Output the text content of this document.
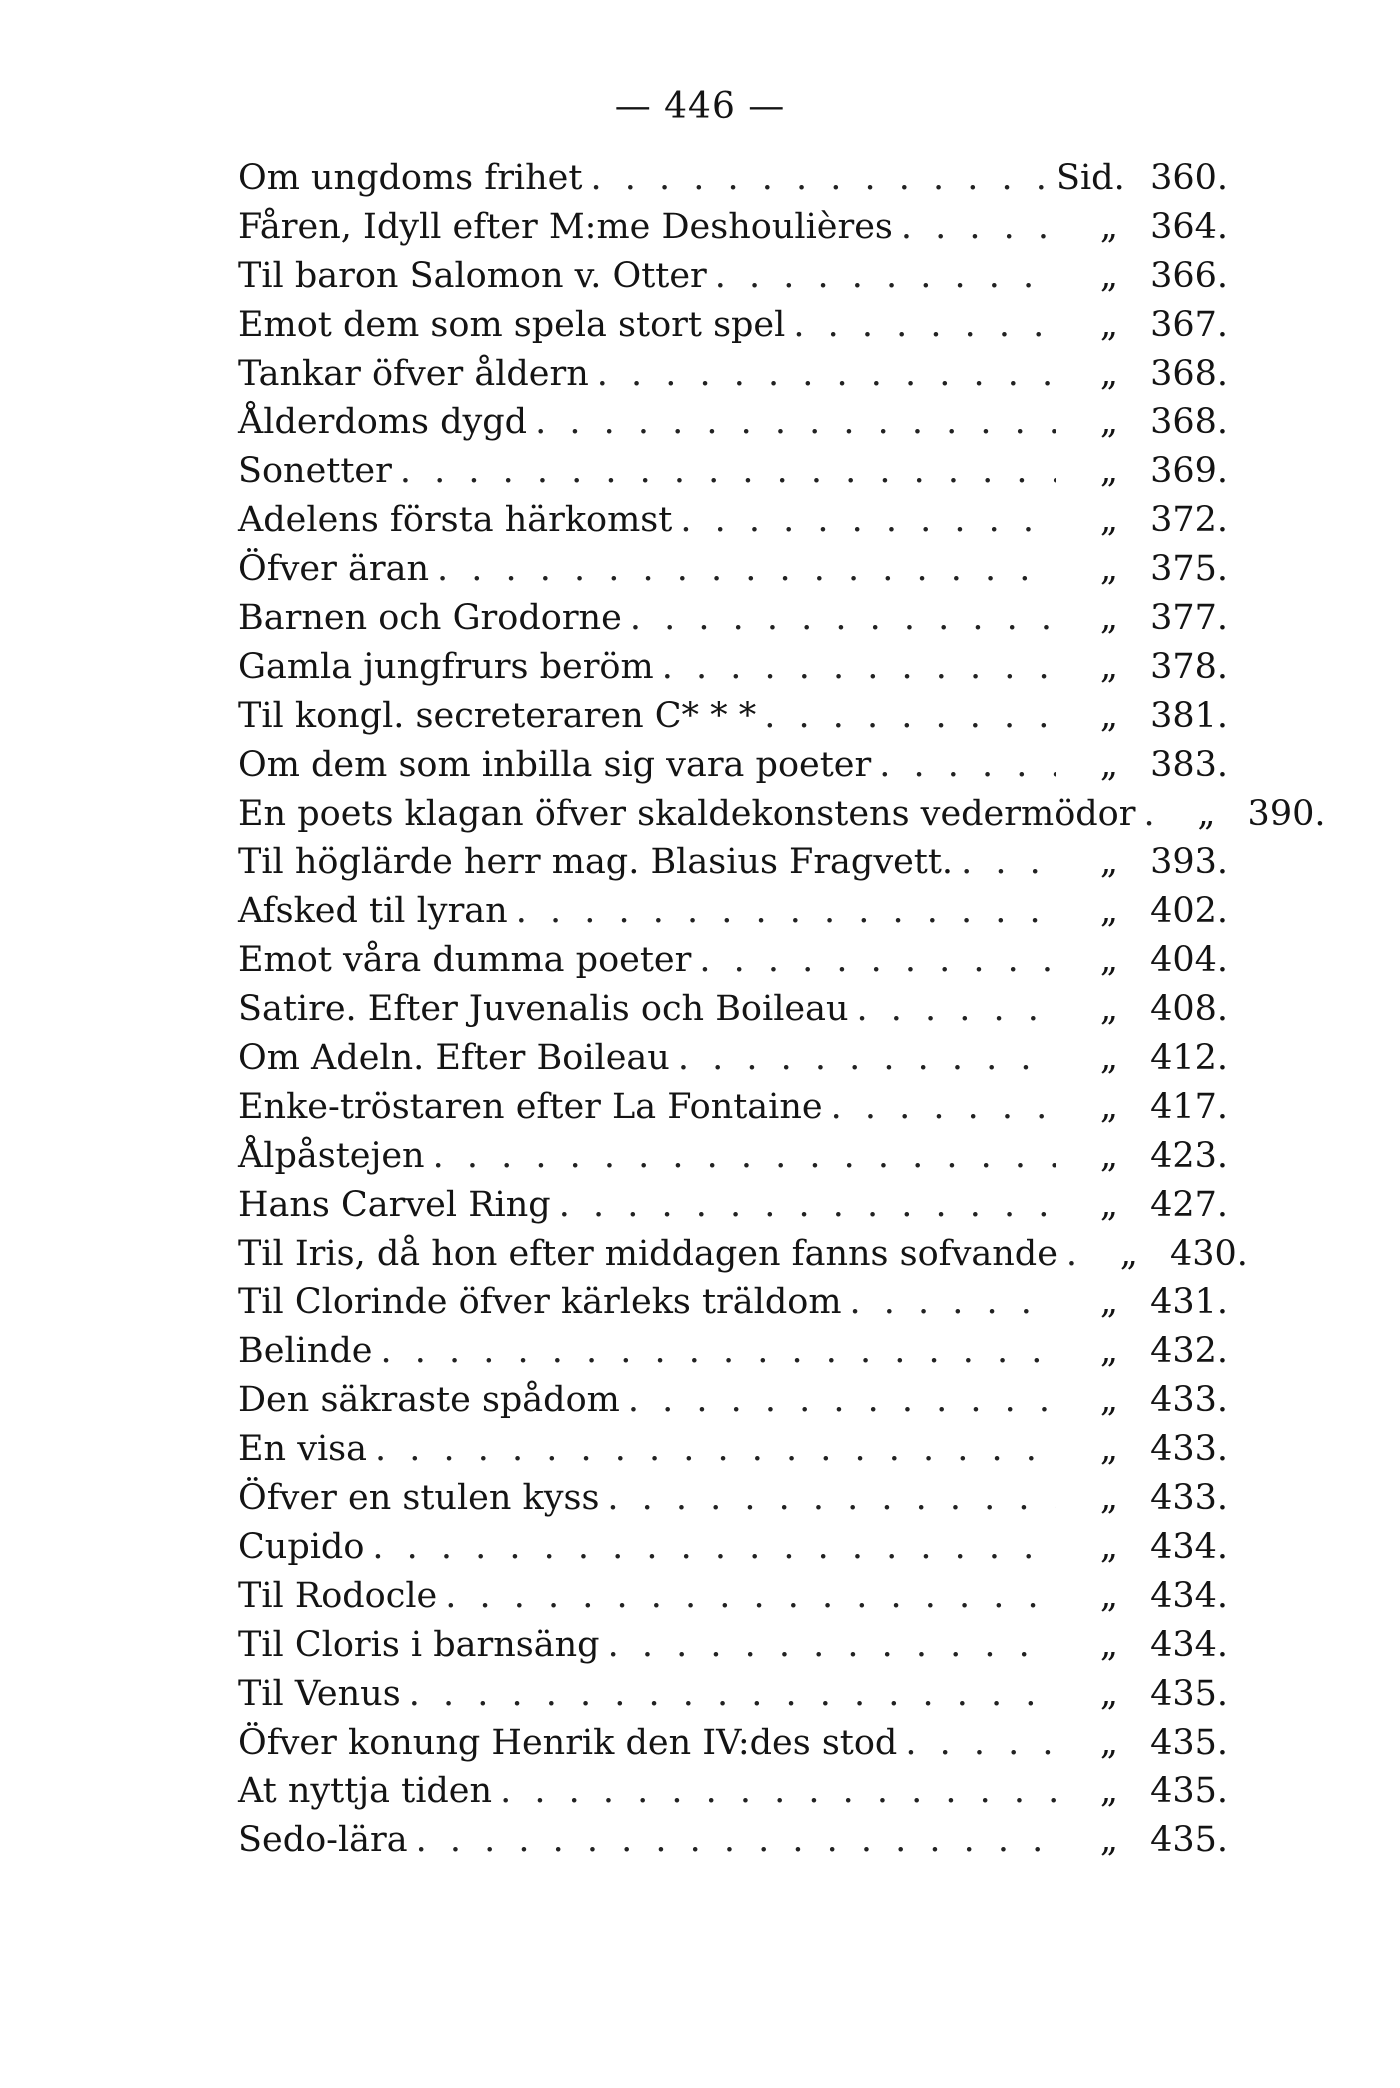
— 446 —
Om ungdoms frihet . . .	Sid. 360.
Fåren, Idyll efter M:me Deshoulières . . .	„ 364.
Til baron Salomon v. Otter . . .	„ 366.
Emot dem som spela stort spel . . .	„ 367.
Tankar öfver åldern . . .	„ 368.
Ålderdoms dygd . . .	„ 368.
Sonetter . . .	„ 369.
Adelens första härkomst . . .	„ 372.
Öfver äran . . .	„ 375.
Barnen och Grodorne . . .	„ 377.
Gamla jungfrurs beröm . . .	„ 378.
Til kongl. secreteraren C* * * . . .	„ 381.
Om dem som inbilla sig vara poeter . . .	„ 383.
En poets klagan öfver skaldekonstens vedermödor . . .	„ 390.
Til höglärde herr mag. Blasius Fragvett. . . .	„ 393.
Afsked til lyran . . .	„ 402.
Emot våra dumma poeter . . .	„ 404.
Satire. Efter Juvenalis och Boileau . . .	„ 408.
Om Adeln. Efter Boileau . . .	„ 412.
Enke-tröstaren efter La Fontaine . . .	„ 417.
Ålpåstejen . . .	„ 423.
Hans Carvel Ring . . .	„ 427.
Til Iris, då hon efter middagen fanns sofvande . . .	„ 430.
Til Clorinde öfver kärleks träldom . . .	„ 431.
Belinde . . .	„ 432.
Den säkraste spådom . . .	„ 433.
En visa . . .	„ 433.
Öfver en stulen kyss . . .	„ 433.
Cupido . . .	„ 434.
Til Rodocle . . .	„ 434.
Til Cloris i barnsäng . . .	„ 434.
Til Venus . . .	„ 435.
Öfver konung Henrik den IV:des stod . . .	„ 435.
At nyttja tiden . . .	„ 435.
Sedo-lära . . .	„ 435.
